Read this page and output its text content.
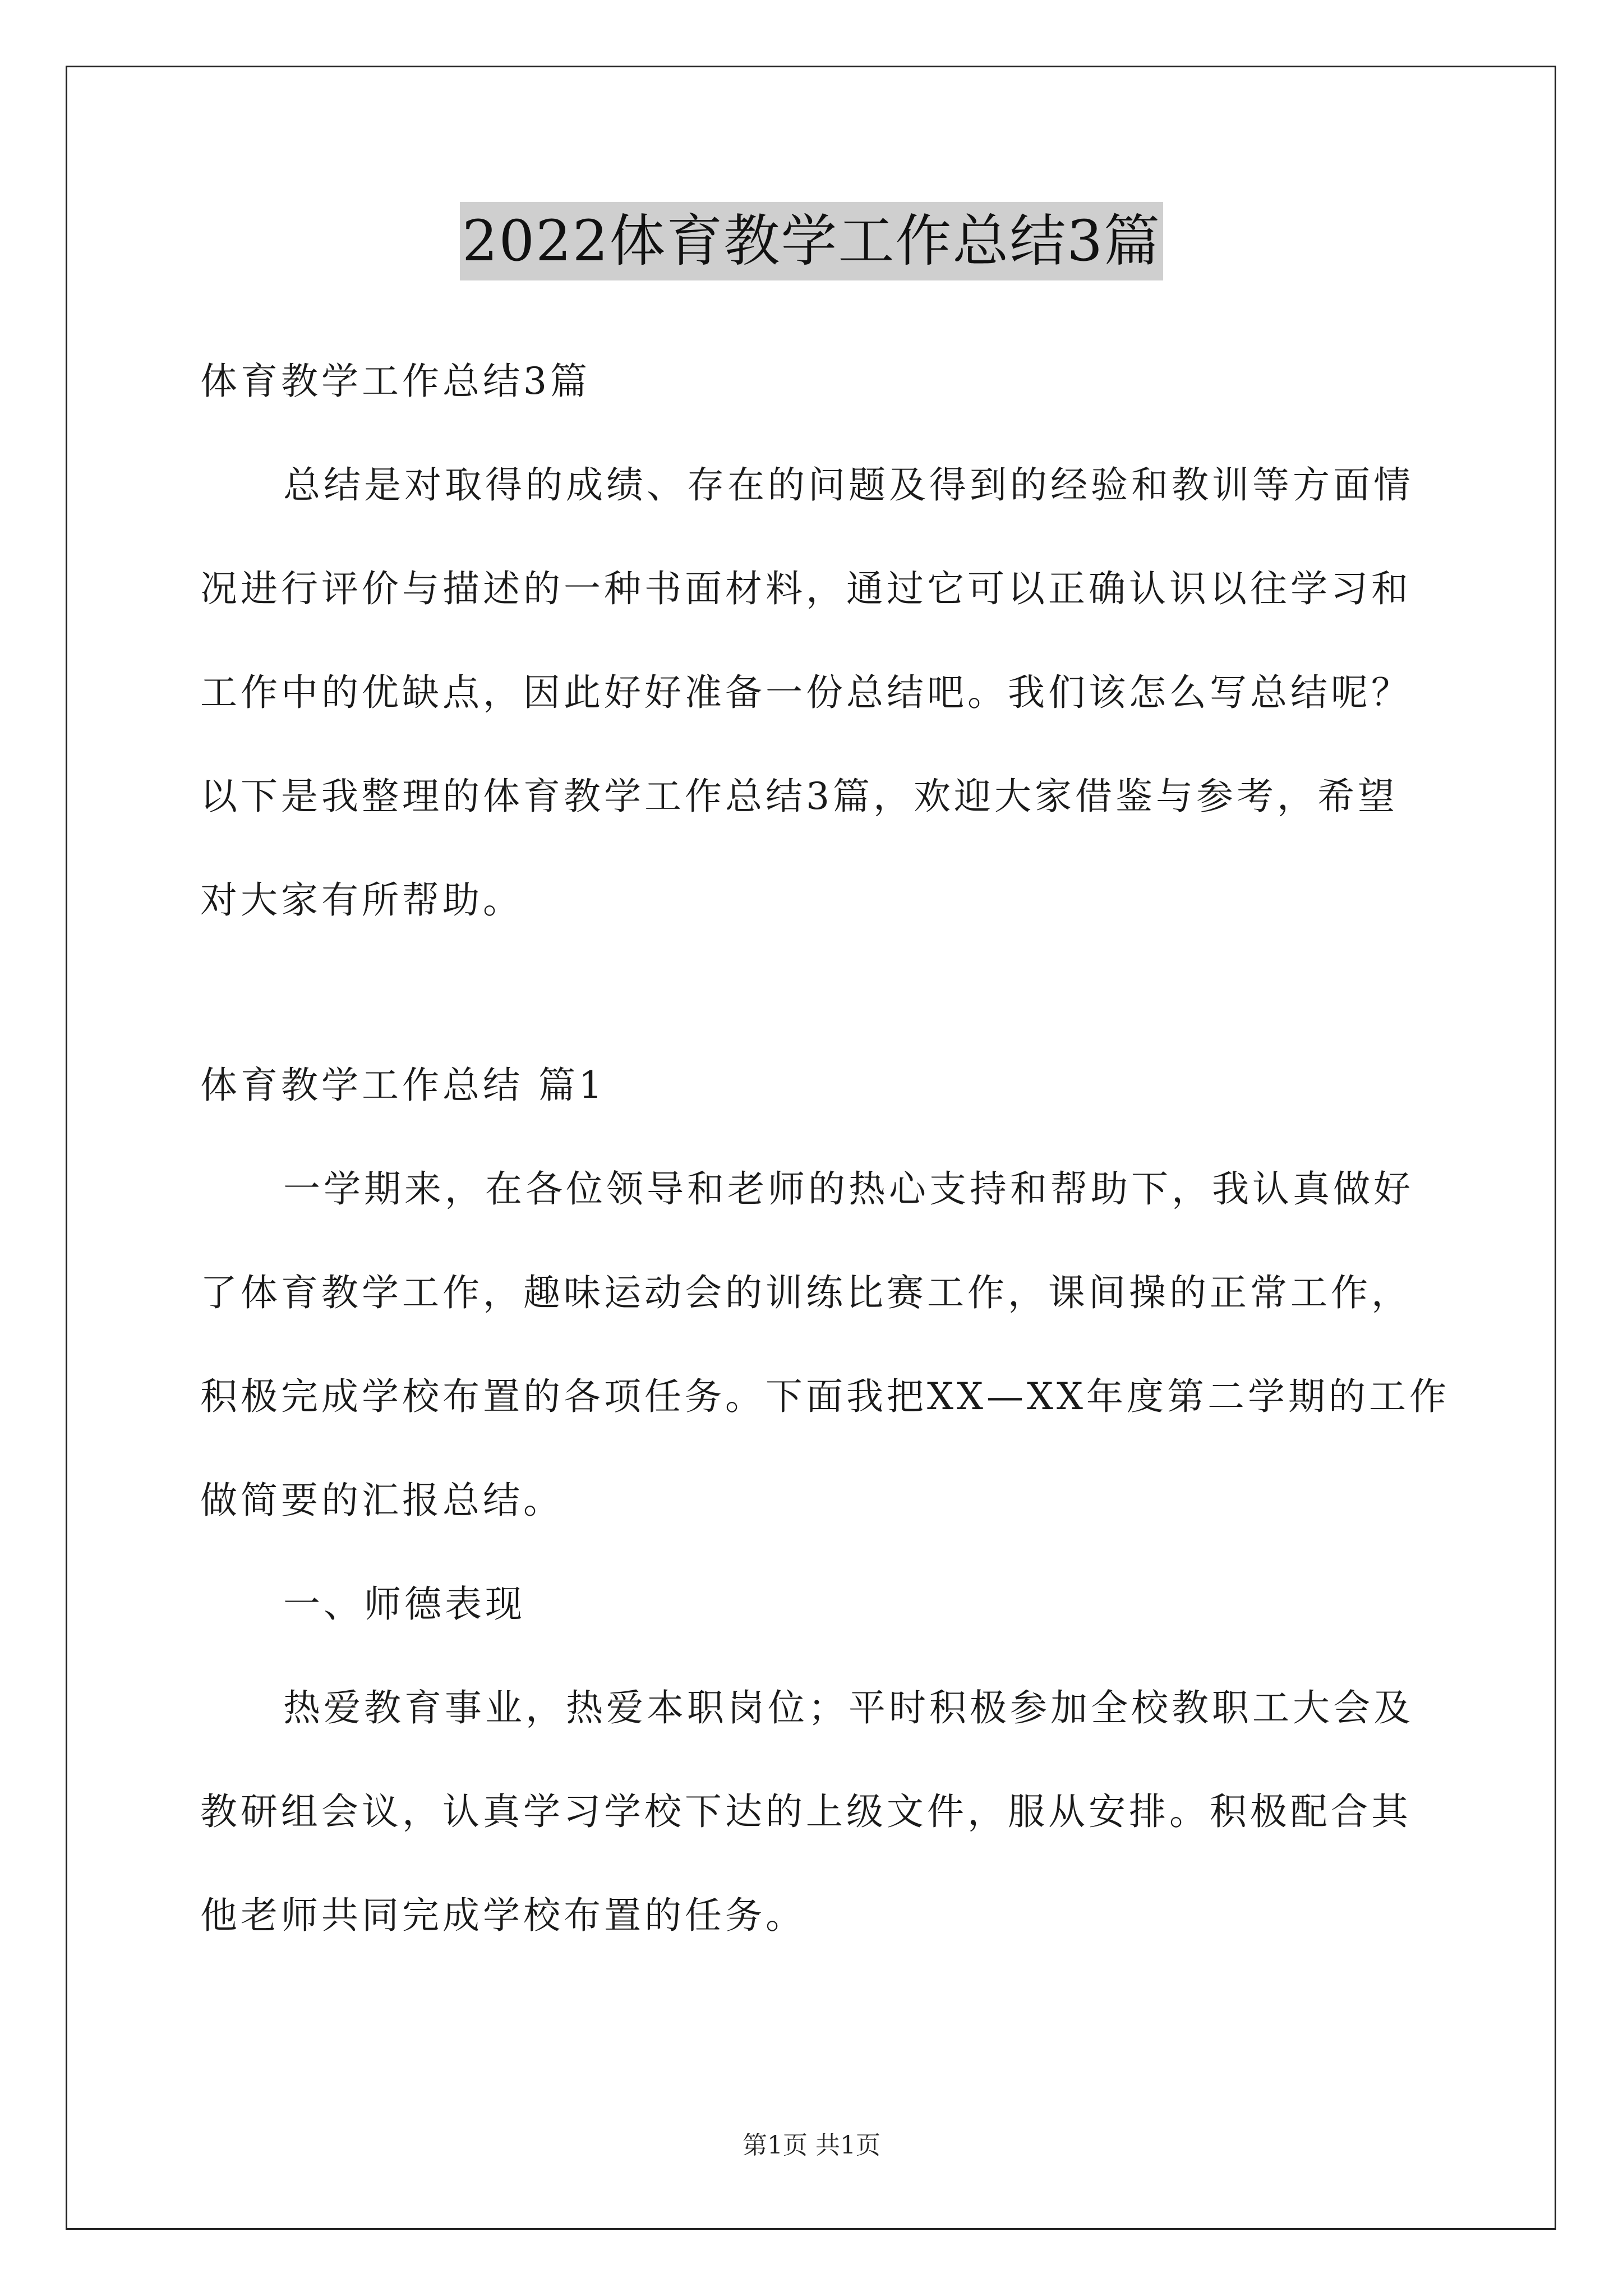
2022体育教学工作总结3篇
体育教学工作总结3篇
总结是对取得的成绩、存在的问题及得到的经验和教训等方面情
况进行评价与描述的一种书面材料，通过它可以正确认识以往学习和
工作中的优缺点，因此好好准备一份总结吧。我们该怎么写总结呢？
以下是我整理的体育教学工作总结3篇，欢迎大家借鉴与参考，希望
对大家有所帮助。
体育教学工作总结 篇1
一学期来，在各位领导和老师的热心支持和帮助下，我认真做好
了体育教学工作，趣味运动会的训练比赛工作，课间操的正常工作，
积极完成学校布置的各项任务。下面我把XX—XX年度第二学期的工作
做简要的汇报总结。
一、师德表现
热爱教育事业，热爱本职岗位；平时积极参加全校教职工大会及
教研组会议，认真学习学校下达的上级文件，服从安排。积极配合其
他老师共同完成学校布置的任务。
第1页 共1页
